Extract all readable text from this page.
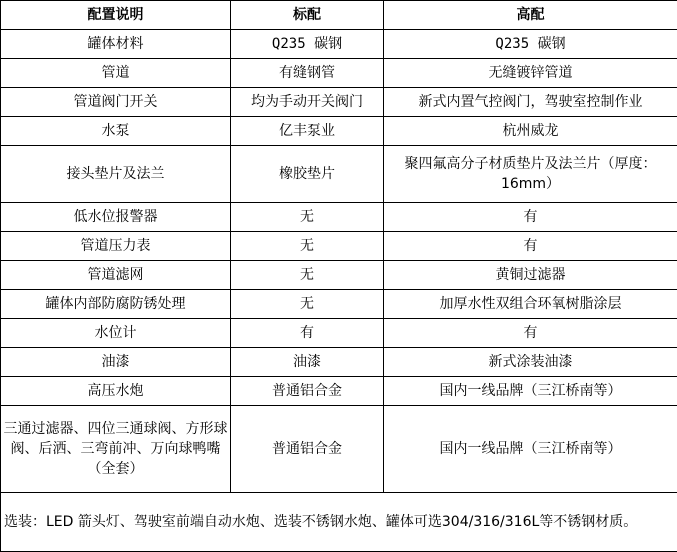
配置说明	标配	高配
罐体材料	Q235 碳钢	Q235 碳钢
管道	有缝钢管	无缝镀锌管道
管道阀门开关	均为手动开关阀门	新式内置气控阀门，驾驶室控制作业
水泵	亿丰泵业	杭州威龙
接头垫片及法兰	橡胶垫片	聚四氟高分子材质垫片及法兰片（厚度：16mm）
低水位报警器	无	有
管道压力表	无	有
管道滤网	无	黄铜过滤器
罐体内部防腐防锈处理	无	加厚水性双组合环氧树脂涂层
水位计	有	有
油漆	油漆	新式涂装油漆
高压水炮	普通铝合金	国内一线品牌（三江桥南等）
三通过滤器、四位三通球阀、方形球阀、后洒、三弯前冲、万向球鸭嘴（全套）	普通铝合金	国内一线品牌（三江桥南等）
选装：LED 箭头灯、驾驶室前端自动水炮、选装不锈钢水炮、罐体可选304/316/316L等不锈钢材质。		
